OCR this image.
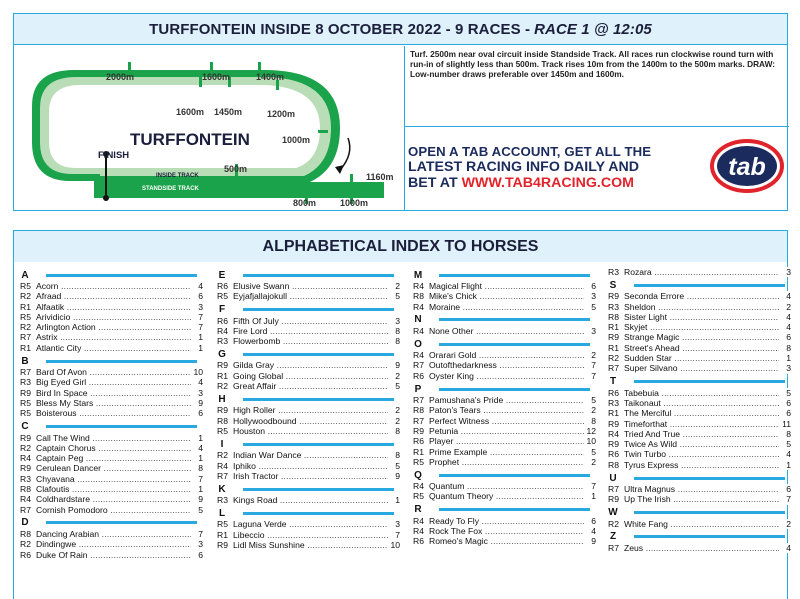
TURFFONTEIN INSIDE 8 OCTOBER 2022 - 9 RACES - RACE 1 @ 12:05
TURFFONTEIN
FINISH
INSIDE TRACK
STANDSIDE TRACK
2000m	1600m	1400m
1600m 1450m	1200m
1000m
500m
1160m
800m	1000m
Turf. 2500m near oval circuit inside Standside Track. All races run clockwise round turn with run-in of slightly less than 500m. Track rises 10m from the 1400m to the 500m marks. DRAW: Low-number draws preferable over 1450m and 1600m.
OPEN A TAB ACCOUNT, GET ALL THE
LATEST RACING INFO DAILY AND
BET AT WWW.TAB4RACING.COM
tab
ALPHABETICAL INDEX TO HORSES
A
R5 Acorn .....	4
R2 Afraad .....	6
R1 Alfaatik .....	3
R5 Arividicio .....	7
R2 Arlington Action .....	7
R7 Astrix .....	1
R1 Atlantic City .....	1
B
R7 Bard Of Avon .....	10
R3 Big Eyed Girl .....	4
R9 Bird In Space .....	3
R5 Bless My Stars .....	9
R5 Boisterous .....	6
C
R9 Call The Wind .....	1
R2 Captain Chorus .....	4
R4 Captain Peg .....	1
R9 Cerulean Dancer .....	8
R3 Chyavana .....	7
R8 Clafoutis .....	1
R4 Coldhardstare .....	9
R7 Cornish Pomodoro .....	5
D
R8 Dancing Arabian .....	7
R2 Dindingwe .....	3
R6 Duke Of Rain .....	6
E
R6 Elusive Swann .....	2
R5 Eyjafjallajokull .....	5
F
R6 Fifth Of July .....	3
R4 Fire Lord .....	8
R3 Flowerbomb .....	8
G
R9 Gilda Gray .....	9
R1 Going Global .....	2
R2 Great Affair .....	5
H
R9 High Roller .....	2
R8 Hollywoodbound .....	2
R5 Houston .....	8
I
R2 Indian War Dance .....	8
R4 Iphiko .....	5
R7 Irish Tractor .....	9
K
R3 Kings Road .....	1
L
R5 Laguna Verde .....	3
R1 Libeccio .....	7
R9 Lidl Miss Sunshine .....	10
M
R4 Magical Flight .....	6
R8 Mike's Chick .....	3
R4 Moraine .....	5
N
R4 None Other .....	3
O
R4 Orarari Gold .....	2
R7 Outofthedarkness .....	7
R6 Oyster King .....	7
P
R7 Pamushana's Pride .....	5
R8 Paton's Tears .....	2
R7 Perfect Witness .....	8
R9 Petunia .....	12
R6 Player .....	10
R1 Prime Example .....	5
R5 Prophet .....	2
Q
R4 Quantum .....	7
R5 Quantum Theory .....	1
R
R4 Ready To Fly .....	6
R4 Rock The Fox .....	4
R6 Romeo's Magic .....	9
R3 Rozara .....	3
S
R9 Seconda Errore .....	4
R3 Sheldon .....	2
R8 Sister Light .....	4
R1 Skyjet .....	4
R9 Strange Magic .....	6
R1 Street's Ahead .....	8
R2 Sudden Star .....	1
R7 Super Silvano .....	3
T
R6 Tabebuia .....	5
R3 Taikonaut .....	6
R1 The Merciful .....	6
R9 Timeforthat .....	11
R4 Tried And True .....	8
R9 Twice As Wild .....	5
R6 Twin Turbo .....	4
R8 Tyrus Express .....	1
U
R7 Ultra Magnus .....	6
R9 Up The Irish .....	7
W
R2 White Fang .....	2
Z
R7 Zeus .....	4
